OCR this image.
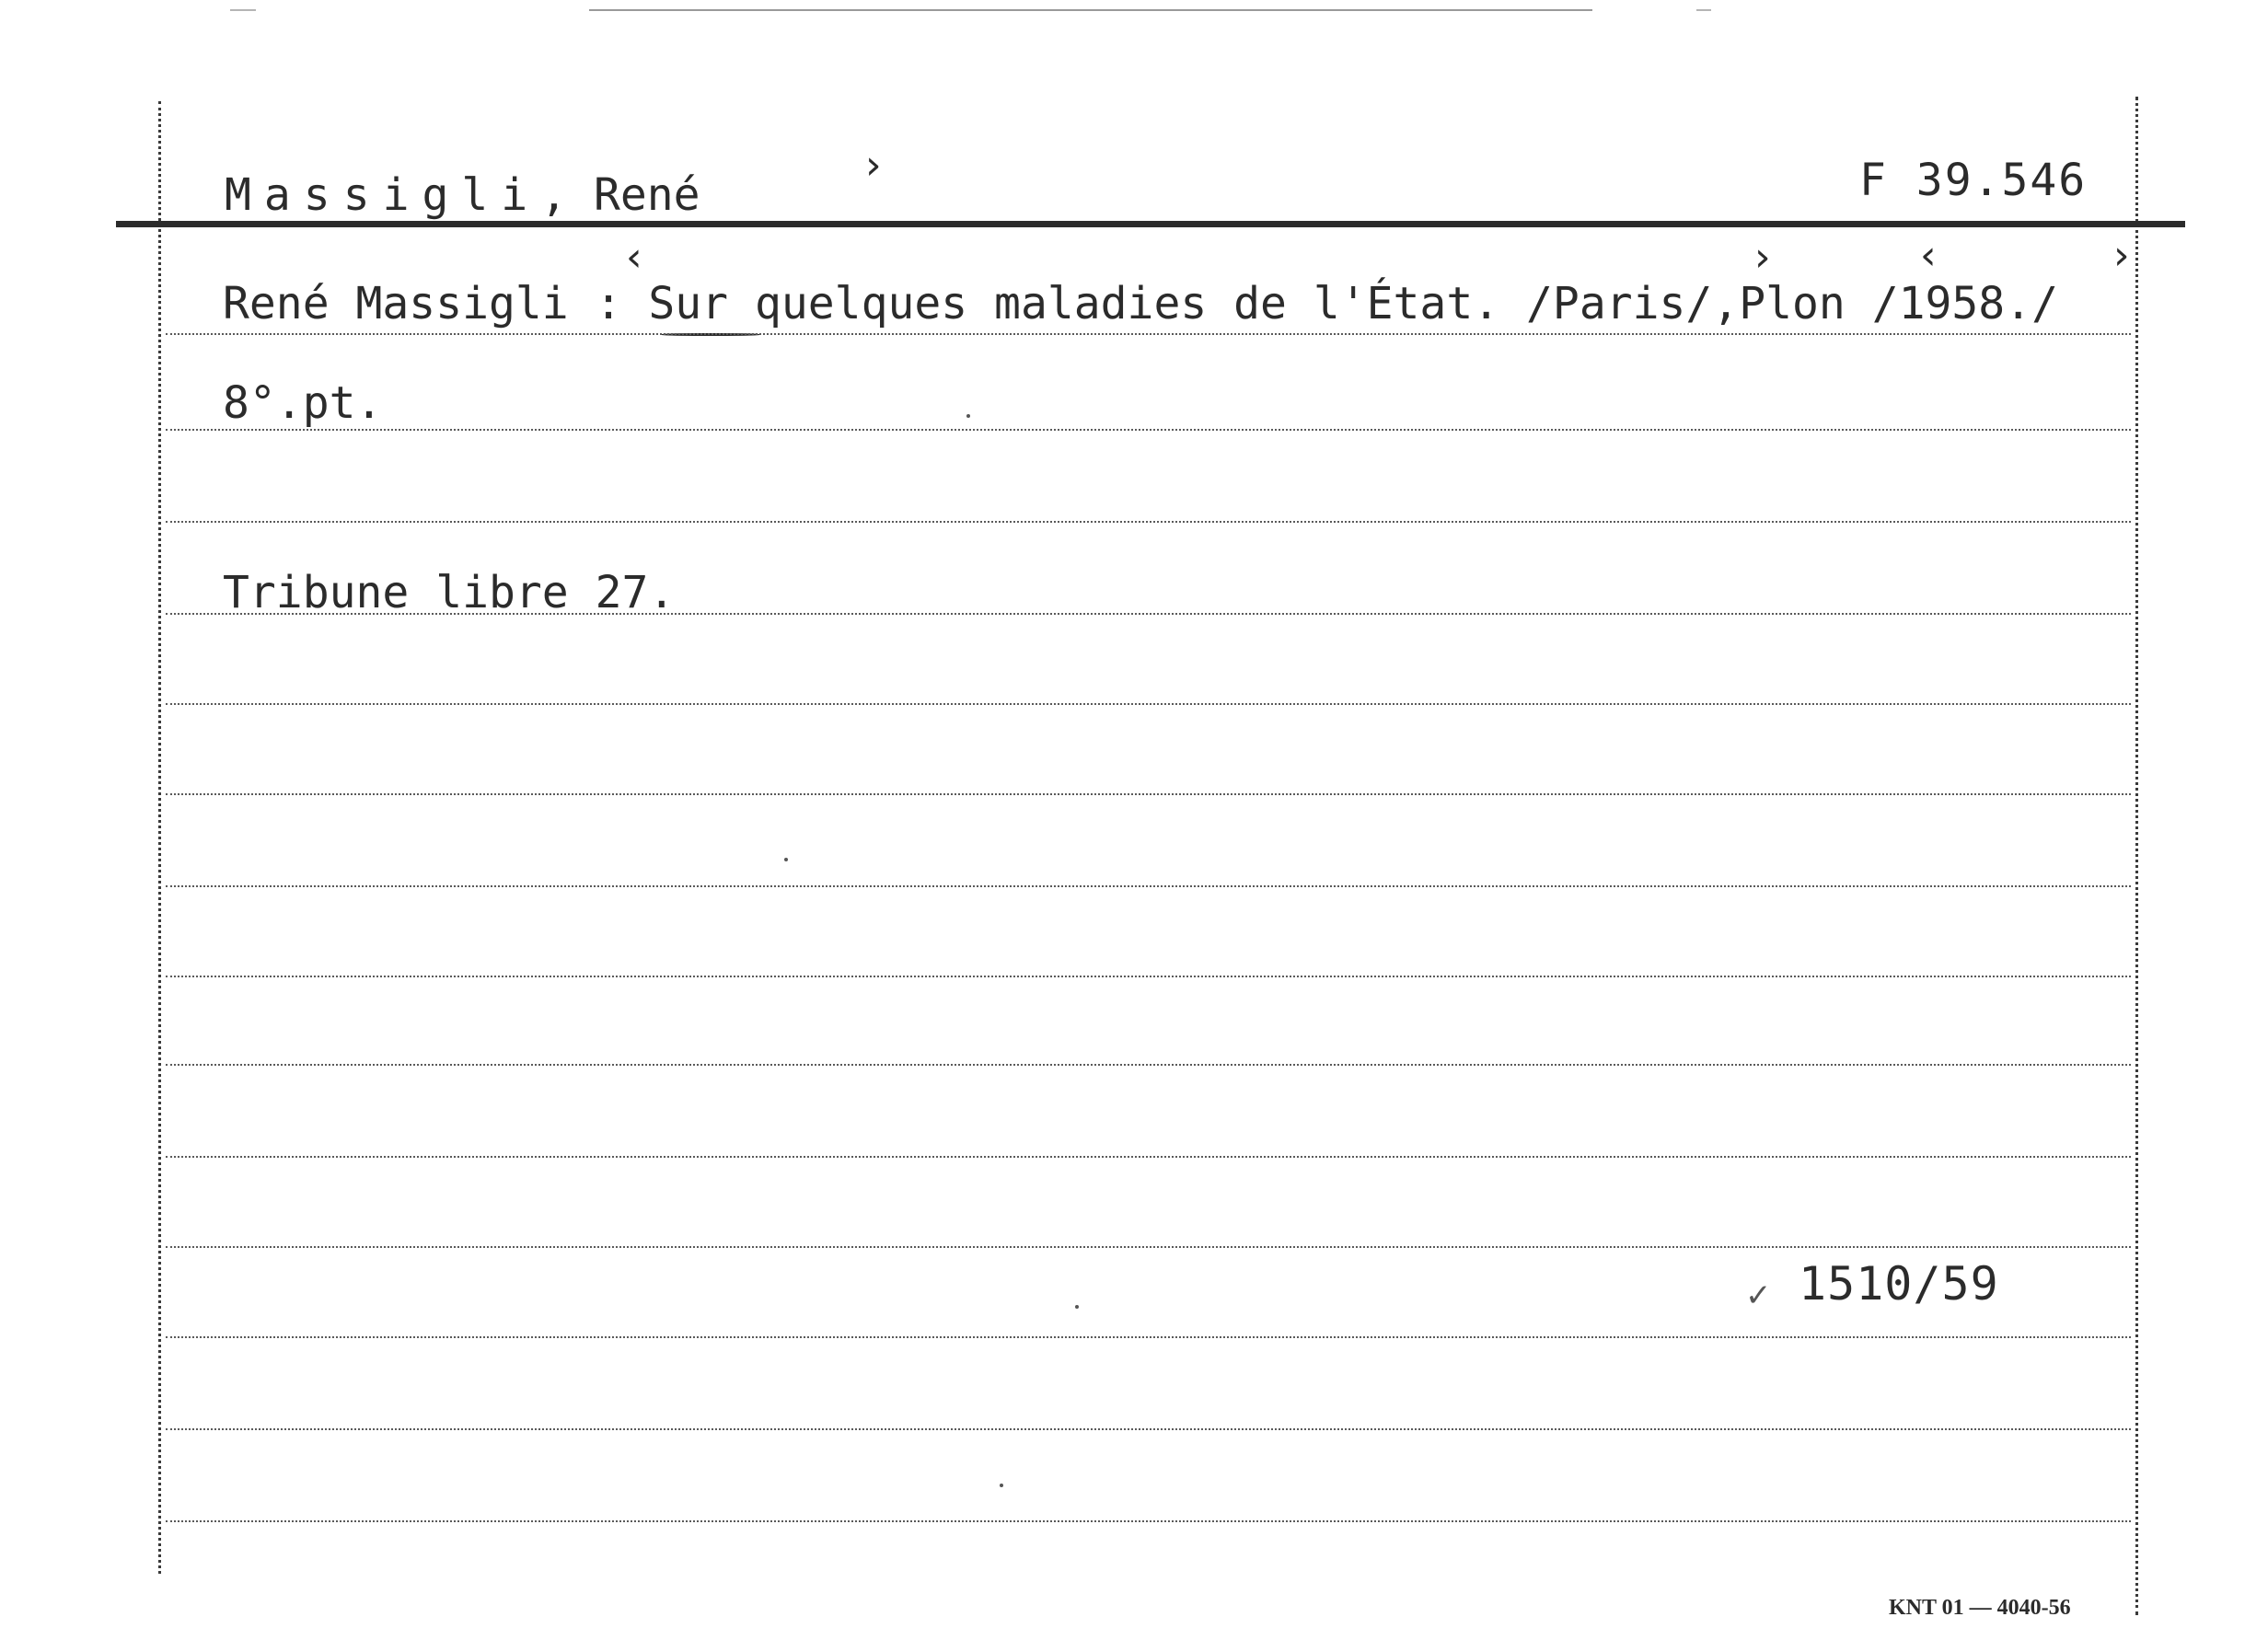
Massigli, René
›	F 39.546
‹	›	‹	›
René Massigli : Sur quelques maladies de l'État. /Paris/,Plon /1958./
8°.pt.
Tribune libre 27.
✓ 1510/59
KNT 01 — 4040-56
